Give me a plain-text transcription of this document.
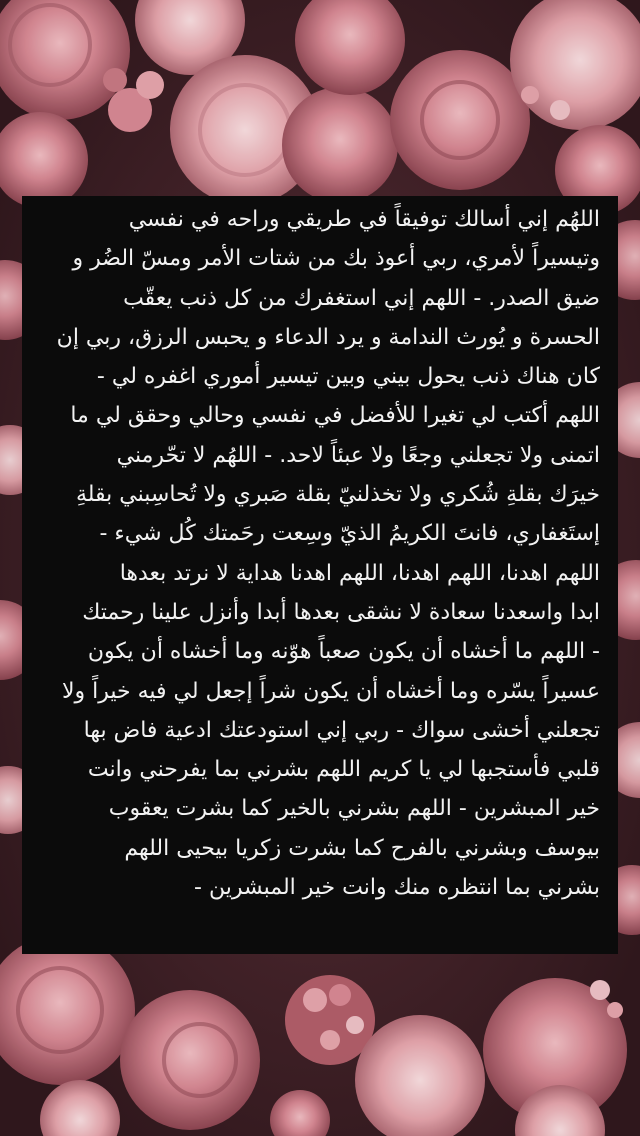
اللهُم إني أسالك توفيقاً في طريقي وراحه في نفسي
وتيسيراً لأمري، ربي أعوذ بك من شتات الأمر ومسّ الضُر و
ضيق الصدر. - اللهم إني استغفرك من كل ذنب يعقّب
الحسرة و يُورث الندامة و يرد الدعاء و يحبس الرزق، ربي إن
كان هناك ذنب يحول بيني وبين تيسير أموري اغفره لي -
اللهم أكتب لي تغيرا للأفضل في نفسي وحالي وحقق لي ما
اتمنى ولا تجعلني وجعًا ولا عبئاً لاحد. - اللهُم لا تحّرمني
خيرَك بقلةِ شُكري ولا تخذلنيّ بقلة صَبري ولا تُحاسِبني بقلةِ
إستَغفاري، فانتَ الكريمُ الذيّ وسِعت رحَمتك كُل شيء -
اللهم اهدنا، اللهم اهدنا، اللهم اهدنا هداية لا نرتد بعدها
ابدا واسعدنا سعادة لا نشقى بعدها أبدا وأنزل علينا رحمتك
- اللهم ما أخشاه أن يكون صعباً هوّنه وما أخشاه أن يكون
عسيراً يسّره وما أخشاه أن يكون شراً إجعل لي فيه خيراً ولا
تجعلني أخشى سواك - ربي إني استودعتك ادعية فاض بها
قلبي فأستجبها لي يا كريم اللهم بشرني بما يفرحني وانت
خير المبشرين - اللهم بشرني بالخير كما بشرت يعقوب
بيوسف وبشرني بالفرح كما بشرت زكريا بيحيى اللهم
بشرني بما انتظره منك وانت خير المبشرين -
